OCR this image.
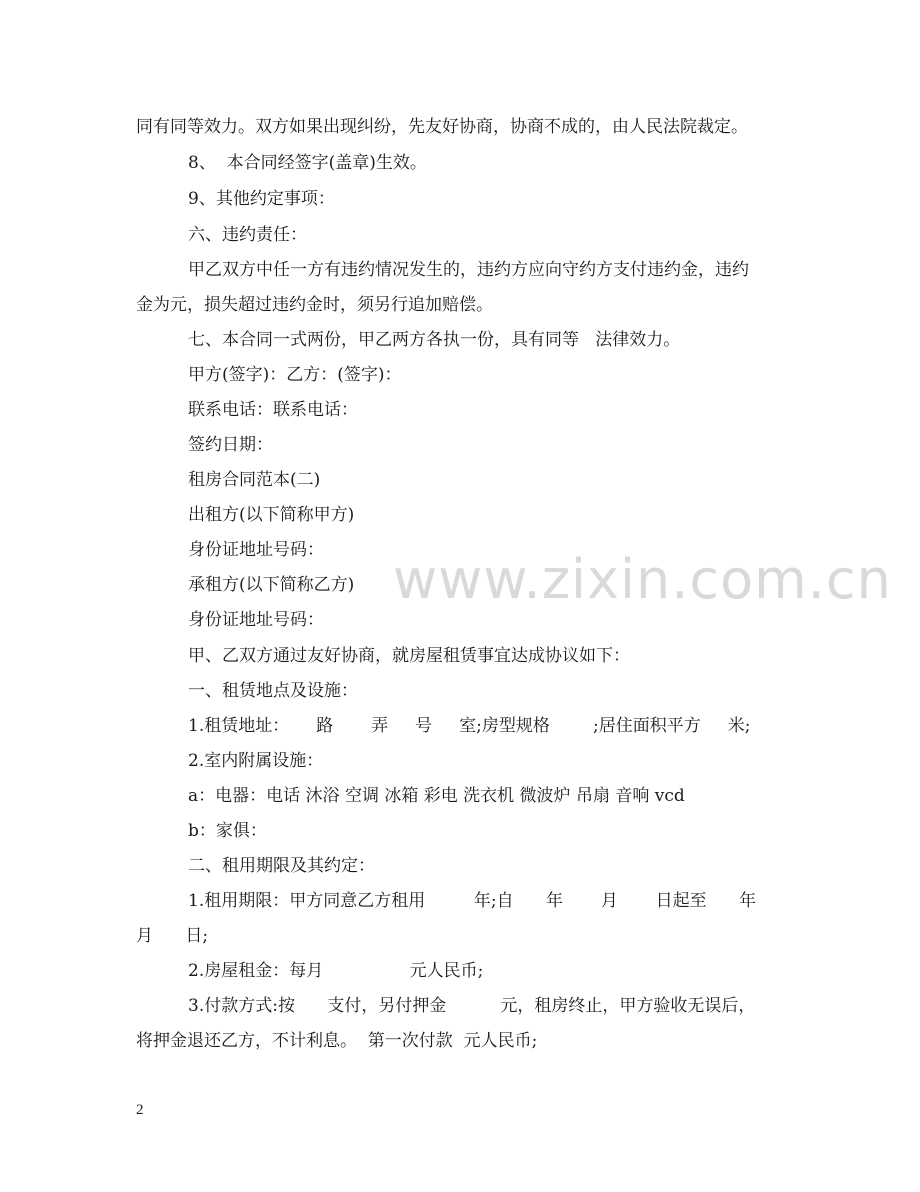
同有同等效力。双方如果出现纠纷，先友好协商，协商不成的，由人民法院裁定。
8、  本合同经签字(盖章)生效。
9、其他约定事项：
六、违约责任：
甲乙双方中任一方有违约情况发生的，违约方应向守约方支付违约金，违约
金为元，损失超过违约金时，须另行追加赔偿。
七、本合同一式两份，甲乙两方各执一份，具有同等   法律效力。
甲方(签字)：乙方：(签字)：
联系电话：联系电话：
签约日期：
租房合同范本(二)
出租方(以下简称甲方)
身份证地址号码：
承租方(以下简称乙方)
身份证地址号码：
甲、乙双方通过友好协商，就房屋租赁事宜达成协议如下：
一、租赁地点及设施：
1.租赁地址：     路       弄     号     室;房型规格        ;居住面积平方     米;
2.室内附属设施：
a：电器：电话 沐浴 空调 冰箱 彩电 洗衣机 微波炉 吊扇 音响 vcd
b：家俱：
二、租用期限及其约定：
1.租用期限：甲方同意乙方租用         年;自      年       月       日起至      年
月      日;
2.房屋租金：每月                元人民币;
3.付款方式:按      支付，另付押金          元，租房终止，甲方验收无误后，
将押金退还乙方，不计利息。  第一次付款  元人民币;
www.zixin.com.cn
2
